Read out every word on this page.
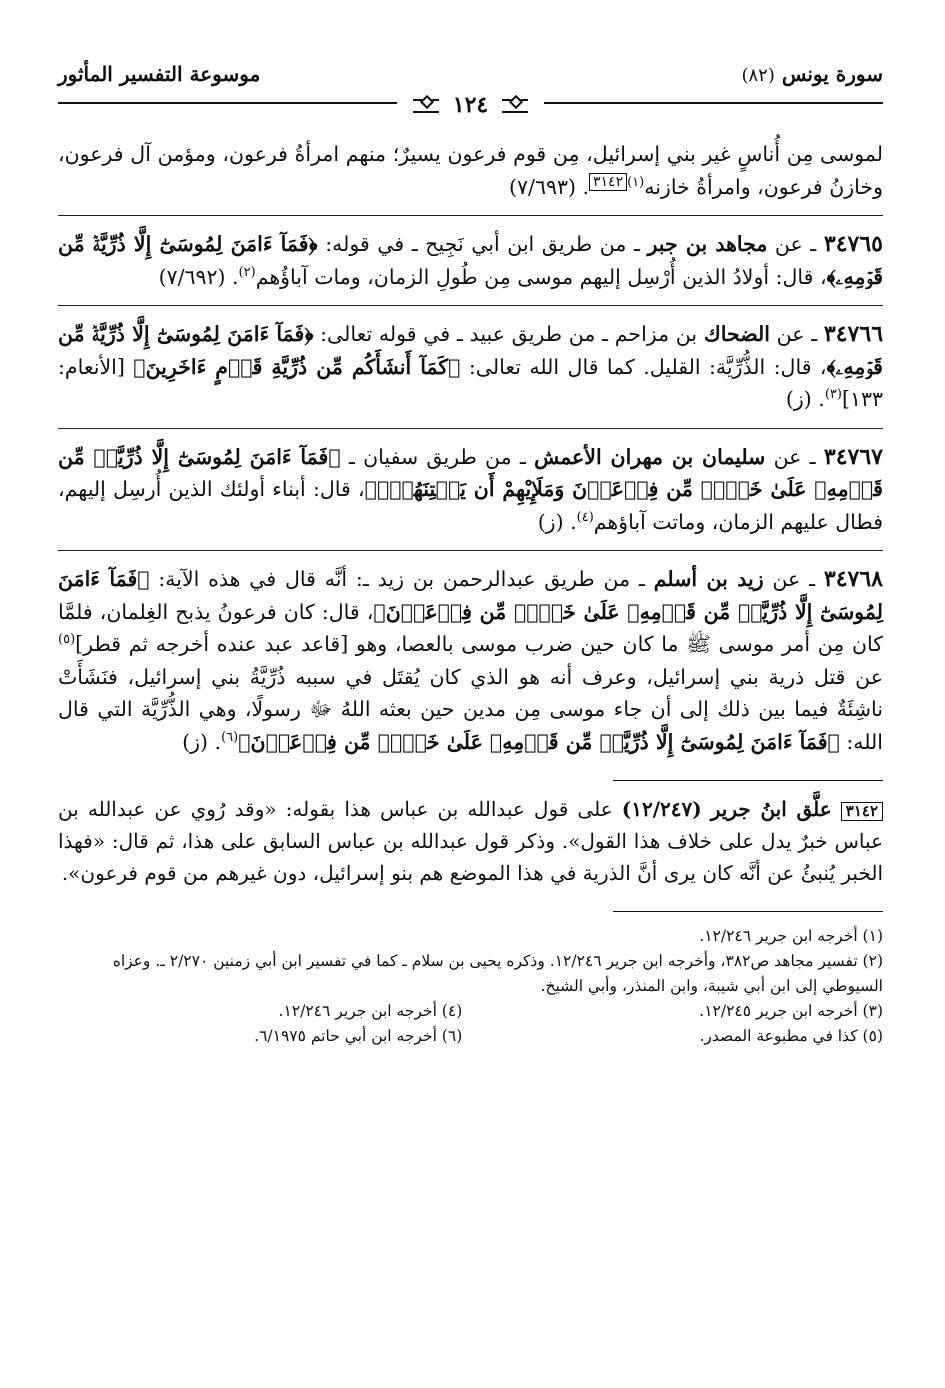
سورة يونس (٨٢)
موسوعة التفسير المأثور
١٢٤

لموسى مِن أُناسٍ غير بني إسرائيل، مِن قوم فرعون يسيرٌ؛ منهم امرأةُ فرعون، ومؤمن آل فرعون، وخازنُ فرعون، وامرأةُ خازنه$^{(١)}$٣١٤٢. (٧/٦٩٣)

٣٤٧٦٥ ـ عن مجاهد بن جبر ـ من طريق ابن أبي نَجِيح ـ في قوله: ﴿فَمَآ ءَامَنَ لِمُوسَىٰٓ إِلَّا ذُرِّيَّةٞ مِّن قَوۡمِهِۦ﴾، قال: أولادُ الذين أُرْسِل إليهم موسى مِن طُولِ الزمان، ومات آباؤُهم$^{(٢)}$. (٧/٦٩٢)

٣٤٧٦٦ ـ عن الضحاك بن مزاحم ـ من طريق عبيد ـ في قوله تعالى: ﴿فَمَآ ءَامَنَ لِمُوسَىٰٓ إِلَّا ذُرِّيَّةٞ مِّن قَوۡمِهِۦ﴾، قال: الذُّرِّيَّة: القليل. كما قال الله تعالى: ﴿كَمَآ أَنشَأَكُم مِّن ذُرِّيَّةِ قَوۡمٍ ءَاخَرِينَ﴾ [الأنعام: ١٣٣]$^{(٣)}$. (ز)

٣٤٧٦٧ ـ عن سليمان بن مهران الأعمش ـ من طريق سفيان ـ ﴿فَمَآ ءَامَنَ لِمُوسَىٰٓ إِلَّا ذُرِّيَّةٞ مِّن قَوۡمِهِۦ عَلَىٰ خَوۡفٖ مِّن فِرۡعَوۡنَ وَمَلَإِيْهِمْ أَن يَفۡتِنَهُمۡۚ﴾، قال: أبناء أولئك الذين أُرسِل إليهم، فطال عليهم الزمان، وماتت آباؤهم$^{(٤)}$. (ز)

٣٤٧٦٨ ـ عن زيد بن أسلم ـ من طريق عبدالرحمن بن زيد ـ: أنَّه قال في هذه الآية: ﴿فَمَآ ءَامَنَ لِمُوسَىٰٓ إِلَّا ذُرِّيَّةٞ مِّن قَوۡمِهِۦ عَلَىٰ خَوۡفٖ مِّن فِرۡعَوۡنَ﴾، قال: كان فرعونُ يذبح الغِلمان، فلمَّا كان مِن أمر موسى ﷺ ما كان حين ضرب موسى بالعصا، وهو [قاعد عبد عنده أخرجه ثم قطر]$^{(٥)}$ عن قتل ذرية بني إسرائيل، وعرف أنه هو الذي كان يُقتَل في سببه ذُرِّيَّةُ بني إسرائيل، فنَشَأَتْ ناشِئَةٌ فيما بين ذلك إلى أن جاء موسى مِن مدين حين بعثه اللهُ ﷻ رسولًا، وهي الذُّرِّيَّة التي قال الله: ﴿فَمَآ ءَامَنَ لِمُوسَىٰٓ إِلَّا ذُرِّيَّةٞ مِّن قَوۡمِهِۦ عَلَىٰ خَوۡفٖ مِّن فِرۡعَوۡنَ﴾$^{(٦)}$. (ز)

٣١٤٢ علَّق ابنُ جرير (١٢/٢٤٧) على قول عبدالله بن عباس هذا بقوله: «وقد رُوي عن عبدالله بن عباس خبرٌ يدل على خلاف هذا القول». وذكر قول عبدالله بن عباس السابق على هذا، ثم قال: «فهذا الخبر يُنبئُ عن أنَّه كان يرى أنَّ الذرية في هذا الموضع هم بنو إسرائيل، دون غيرهم من قوم فرعون».
(١) أخرجه ابن جرير ١٢/٢٤٦.
(٢) تفسير مجاهد ص٣٨٢، وأخرجه ابن جرير ١٢/٢٤٦. وذكره يحيى بن سلام ـ كما في تفسير ابن أبي زمنين ٢/٢٧٠ ـ. وعزاه السيوطي إلى ابن أبي شيبة، وابن المنذر، وأبي الشيخ.
(٣) أخرجه ابن جرير ١٢/٢٤٥.
(٤) أخرجه ابن جرير ١٢/٢٤٦.
(٥) كذا في مطبوعة المصدر.
(٦) أخرجه ابن أبي حاتم ٦/١٩٧٥.
